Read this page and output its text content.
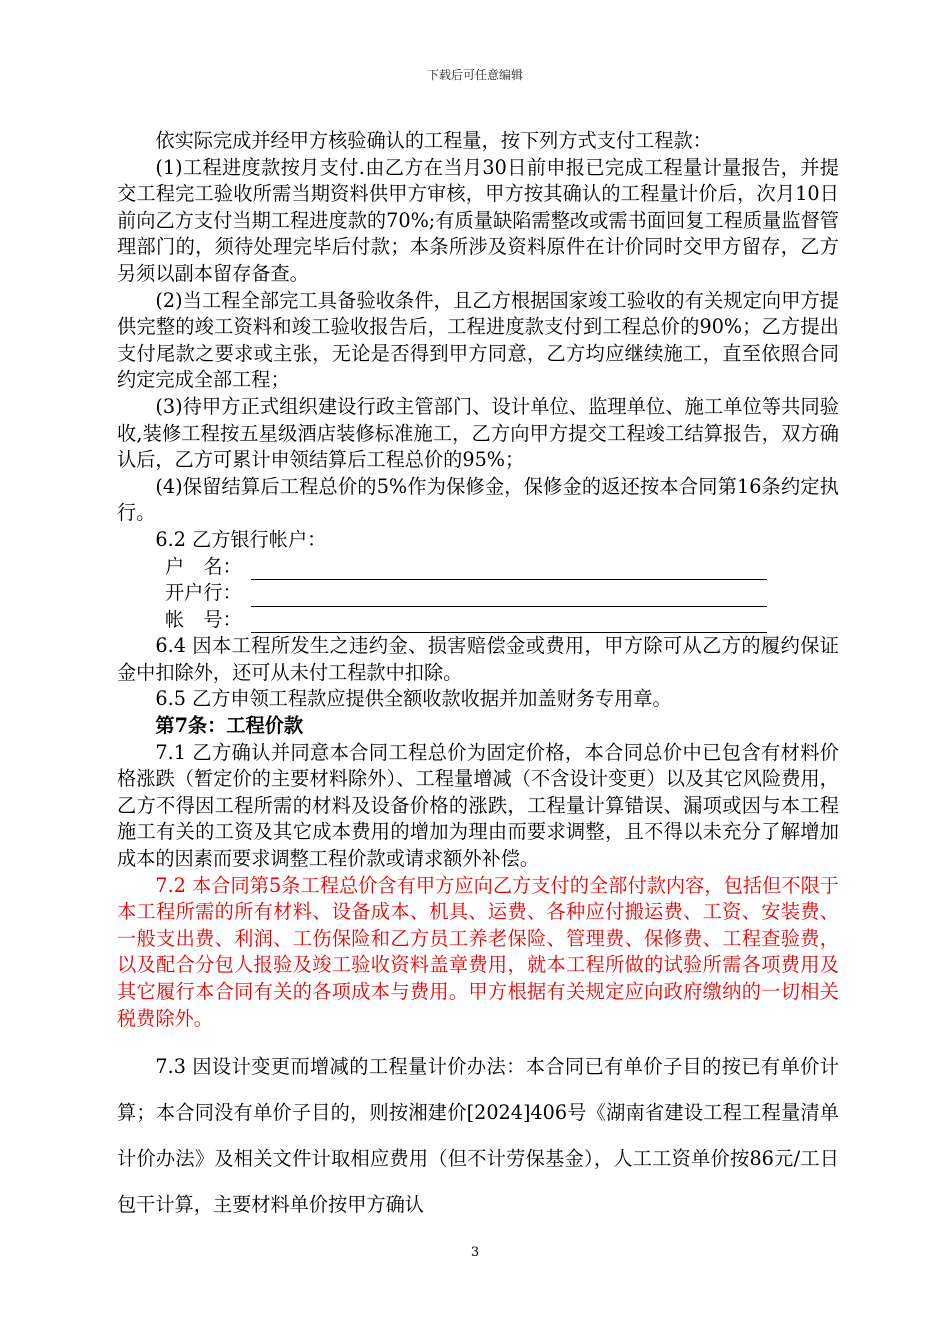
下载后可任意编辑

依实际完成并经甲方核验确认的工程量，按下列方式支付工程款：

(1)工程进度款按月支付.由乙方在当月30日前申报已完成工程量计量报告，并提交工程完工验收所需当期资料供甲方审核，甲方按其确认的工程量计价后，次月10日前向乙方支付当期工程进度款的70%;有质量缺陷需整改或需书面回复工程质量监督管理部门的，须待处理完毕后付款；本条所涉及资料原件在计价同时交甲方留存，乙方另须以副本留存备查。

(2)当工程全部完工具备验收条件，且乙方根据国家竣工验收的有关规定向甲方提供完整的竣工资料和竣工验收报告后，工程进度款支付到工程总价的90%；乙方提出支付尾款之要求或主张，无论是否得到甲方同意，乙方均应继续施工，直至依照合同约定完成全部工程；

(3)待甲方正式组织建设行政主管部门、设计单位、监理单位、施工单位等共同验收,装修工程按五星级酒店装修标准施工，乙方向甲方提交工程竣工结算报告，双方确认后，乙方可累计申领结算后工程总价的95%；

(4)保留结算后工程总价的5%作为保修金，保修金的返还按本合同第16条约定执行。

6.2 乙方银行帐户：

户　名：
开户行：
帐　号：

6.4 因本工程所发生之违约金、损害赔偿金或费用，甲方除可从乙方的履约保证金中扣除外，还可从未付工程款中扣除。

6.5 乙方申领工程款应提供全额收款收据并加盖财务专用章。

第7条：工程价款

7.1 乙方确认并同意本合同工程总价为固定价格，本合同总价中已包含有材料价格涨跌（暂定价的主要材料除外）、工程量增减（不含设计变更）以及其它风险费用，乙方不得因工程所需的材料及设备价格的涨跌，工程量计算错误、漏项或因与本工程施工有关的工资及其它成本费用的增加为理由而要求调整，且不得以未充分了解增加成本的因素而要求调整工程价款或请求额外补偿。

7.2 本合同第5条工程总价含有甲方应向乙方支付的全部付款内容，包括但不限于本工程所需的所有材料、设备成本、机具、运费、各种应付搬运费、工资、安装费、一般支出费、利润、工伤保险和乙方员工养老保险、管理费、保修费、工程查验费，以及配合分包人报验及竣工验收资料盖章费用，就本工程所做的试验所需各项费用及其它履行本合同有关的各项成本与费用。甲方根据有关规定应向政府缴纳的一切相关税费除外。

7.3 因设计变更而增减的工程量计价办法：本合同已有单价子目的按已有单价计算；本合同没有单价子目的，则按湘建价[2024]406号《湖南省建设工程工程量清单计价办法》及相关文件计取相应费用（但不计劳保基金），人工工资单价按86元/工日包干计算，主要材料单价按甲方确认

3
